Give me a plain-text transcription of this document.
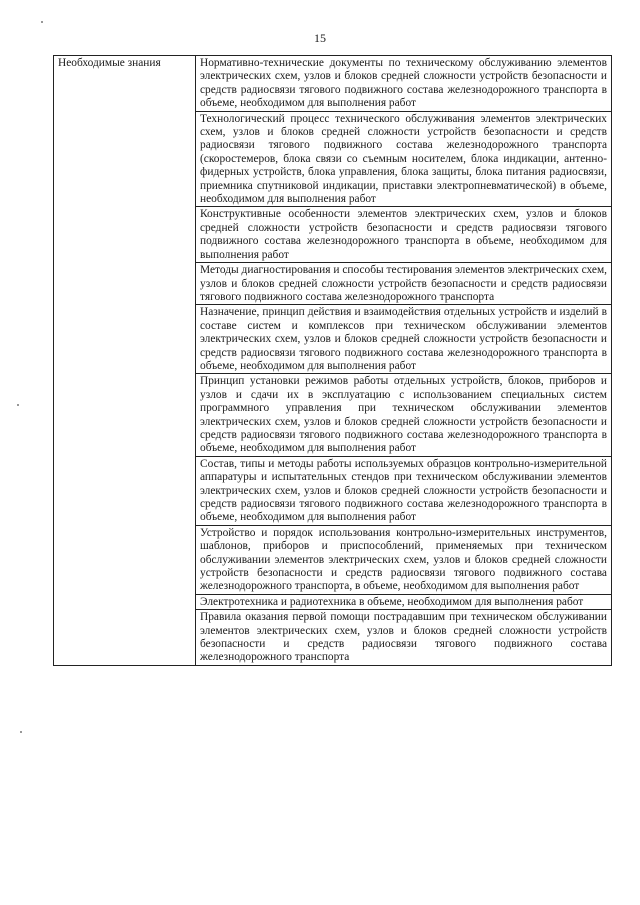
15
Необходимые знания	Нормативно-технические документы по техническому обслуживанию элементов электрических схем, узлов и блоков средней сложности устройств безопасности и средств радиосвязи тягового подвижного состава железнодорожного транспорта в объеме, необходимом для выполнения работ
Технологический процесс технического обслуживания элементов электрических схем, узлов и блоков средней сложности устройств безопасности и средств радиосвязи тягового подвижного состава железнодорожного транспорта (скоростемеров, блока связи со съемным носителем, блока индикации, антенно-фидерных устройств, блока управления, блока защиты, блока питания радиосвязи, приемника спутниковой индикации, приставки электропневматической) в объеме, необходимом для выполнения работ
Конструктивные особенности элементов электрических схем, узлов и блоков средней сложности устройств безопасности и средств радиосвязи тягового подвижного состава железнодорожного транспорта в объеме, необходимом для выполнения работ
Методы диагностирования и способы тестирования элементов электрических схем, узлов и блоков средней сложности устройств безопасности и средств радиосвязи тягового подвижного состава железнодорожного транспорта
Назначение, принцип действия и взаимодействия отдельных устройств и изделий в составе систем и комплексов при техническом обслуживании элементов электрических схем, узлов и блоков средней сложности устройств безопасности и средств радиосвязи тягового подвижного состава железнодорожного транспорта в объеме, необходимом для выполнения работ
Принцип установки режимов работы отдельных устройств, блоков, приборов и узлов и сдачи их в эксплуатацию с использованием специальных систем программного управления при техническом обслуживании элементов электрических схем, узлов и блоков средней сложности устройств безопасности и средств радиосвязи тягового подвижного состава железнодорожного транспорта в объеме, необходимом для выполнения работ
Состав, типы и методы работы используемых образцов контрольно-измерительной аппаратуры и испытательных стендов при техническом обслуживании элементов электрических схем, узлов и блоков средней сложности устройств безопасности и средств радиосвязи тягового подвижного состава железнодорожного транспорта в объеме, необходимом для выполнения работ
Устройство и порядок использования контрольно-измерительных инструментов, шаблонов, приборов и приспособлений, применяемых при техническом обслуживании элементов электрических схем, узлов и блоков средней сложности устройств безопасности и средств радиосвязи тягового подвижного состава железнодорожного транспорта, в объеме, необходимом для выполнения работ
Электротехника и радиотехника в объеме, необходимом для выполнения работ
Правила оказания первой помощи пострадавшим при техническом обслуживании элементов электрических схем, узлов и блоков средней сложности устройств безопасности и средств радиосвязи тягового подвижного состава железнодорожного транспорта
